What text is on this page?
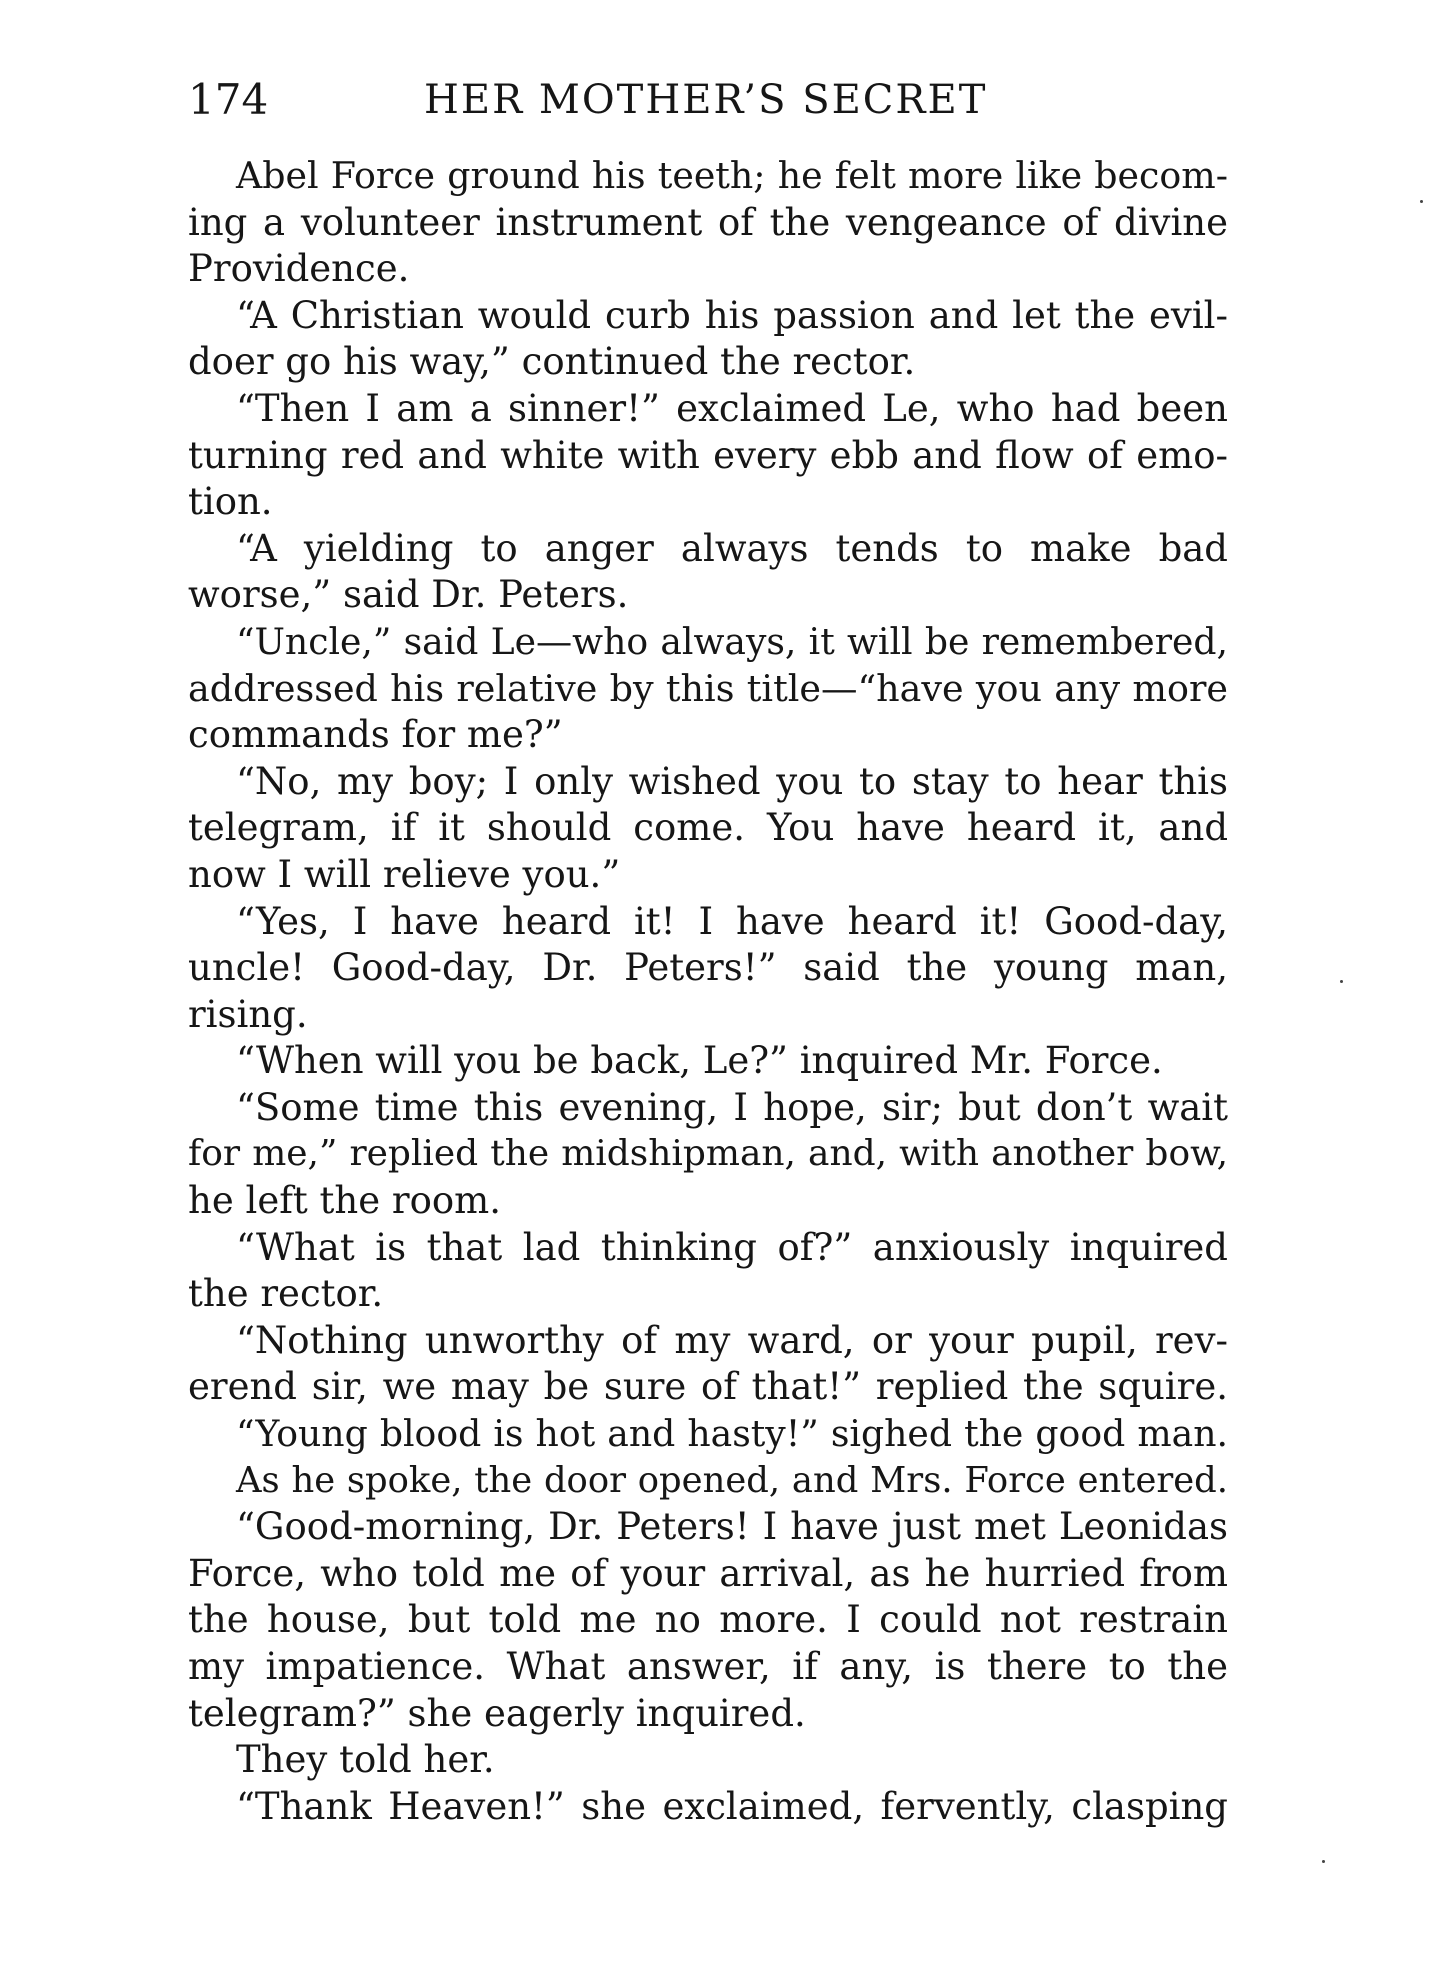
174	HER MOTHER’S SECRET
Abel Force ground his teeth; he felt more like becom-
ing a volunteer instrument of the vengeance of divine
Providence.
“A Christian would curb his passion and let the evil-
doer go his way,” continued the rector.
“Then I am a sinner!” exclaimed Le, who had been
turning red and white with every ebb and flow of emo-
tion.
“A yielding to anger always tends to make bad
worse,” said Dr. Peters.
“Uncle,” said Le—who always, it will be remembered,
addressed his relative by this title—“have you any more
commands for me?”
“No, my boy; I only wished you to stay to hear this
telegram, if it should come. You have heard it, and
now I will relieve you.”
“Yes, I have heard it! I have heard it! Good-day,
uncle! Good-day, Dr. Peters!” said the young man,
rising.
“When will you be back, Le?” inquired Mr. Force.
“Some time this evening, I hope, sir; but don’t wait
for me,” replied the midshipman, and, with another bow,
he left the room.
“What is that lad thinking of?” anxiously inquired
the rector.
“Nothing unworthy of my ward, or your pupil, rev-
erend sir, we may be sure of that!” replied the squire.
“Young blood is hot and hasty!” sighed the good man.
As he spoke, the door opened, and Mrs. Force entered.
“Good-morning, Dr. Peters! I have just met Leonidas
Force, who told me of your arrival, as he hurried from
the house, but told me no more. I could not restrain
my impatience. What answer, if any, is there to the
telegram?” she eagerly inquired.
They told her.
“Thank Heaven!” she exclaimed, fervently, clasping
